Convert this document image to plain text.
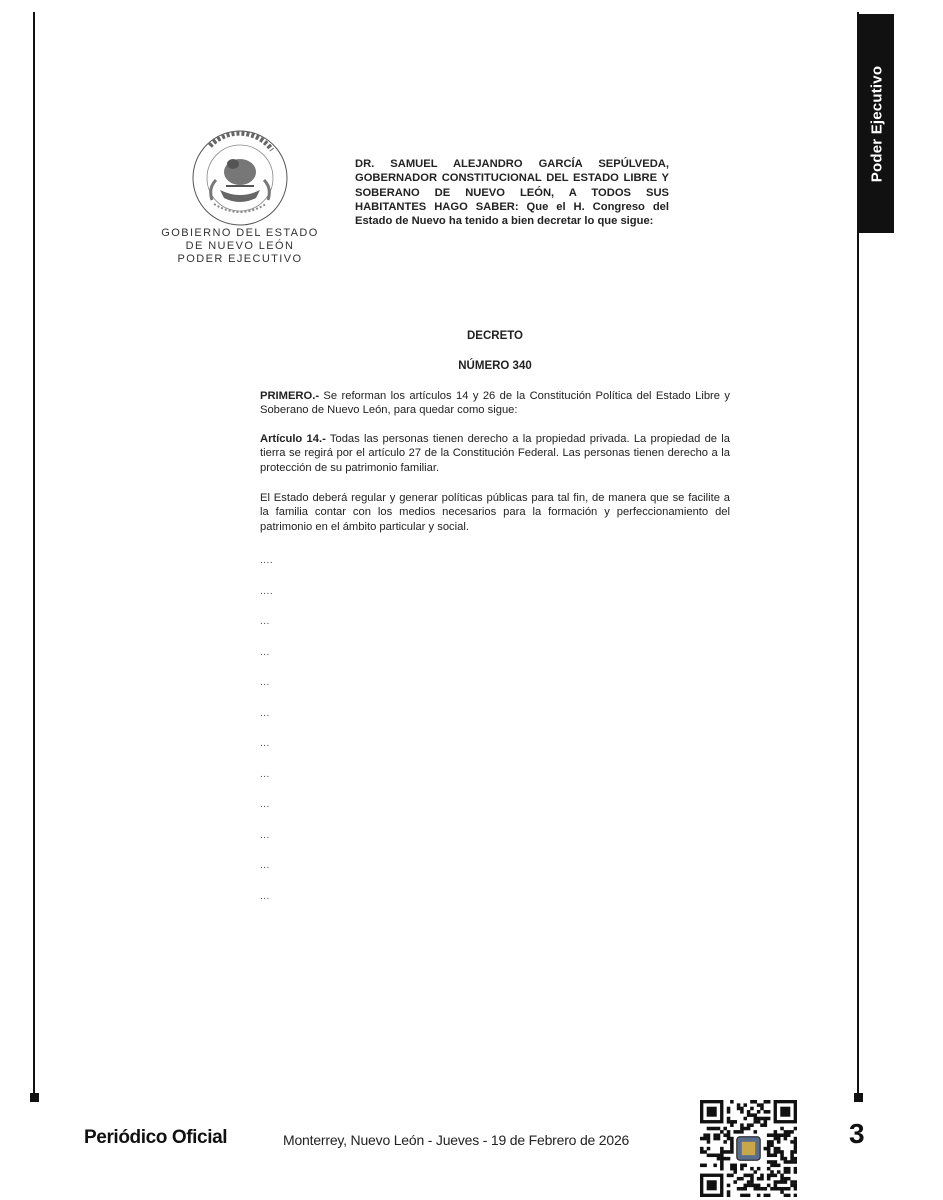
Poder Ejecutivo
GOBIERNO DEL ESTADO
DE NUEVO LEÓN
PODER EJECUTIVO
DR. SAMUEL ALEJANDRO GARCÍA SEPÚLVEDA, GOBERNADOR CONSTITUCIONAL DEL ESTADO LIBRE Y SOBERANO DE NUEVO LEÓN, A TODOS SUS HABITANTES HAGO SABER: Que el H. Congreso del Estado de Nuevo ha tenido a bien decretar lo que sigue:
DECRETO
NÚMERO 340
PRIMERO.- Se reforman los artículos 14 y 26 de la Constitución Política del Estado Libre y Soberano de Nuevo León, para quedar como sigue:
Artículo 14.- Todas las personas tienen derecho a la propiedad privada. La propiedad de la tierra se regirá por el artículo 27 de la Constitución Federal. Las personas tienen derecho a la protección de su patrimonio familiar.
El Estado deberá regular y generar políticas públicas para tal fin, de manera que se facilite a la familia contar con los medios necesarios para la formación y perfeccionamiento del patrimonio en el ámbito particular y social.
....
....
...
...
...
...
...
...
...
...
...
...
Periódico Oficial	Monterrey, Nuevo León - Jueves - 19 de Febrero de 2026	3
